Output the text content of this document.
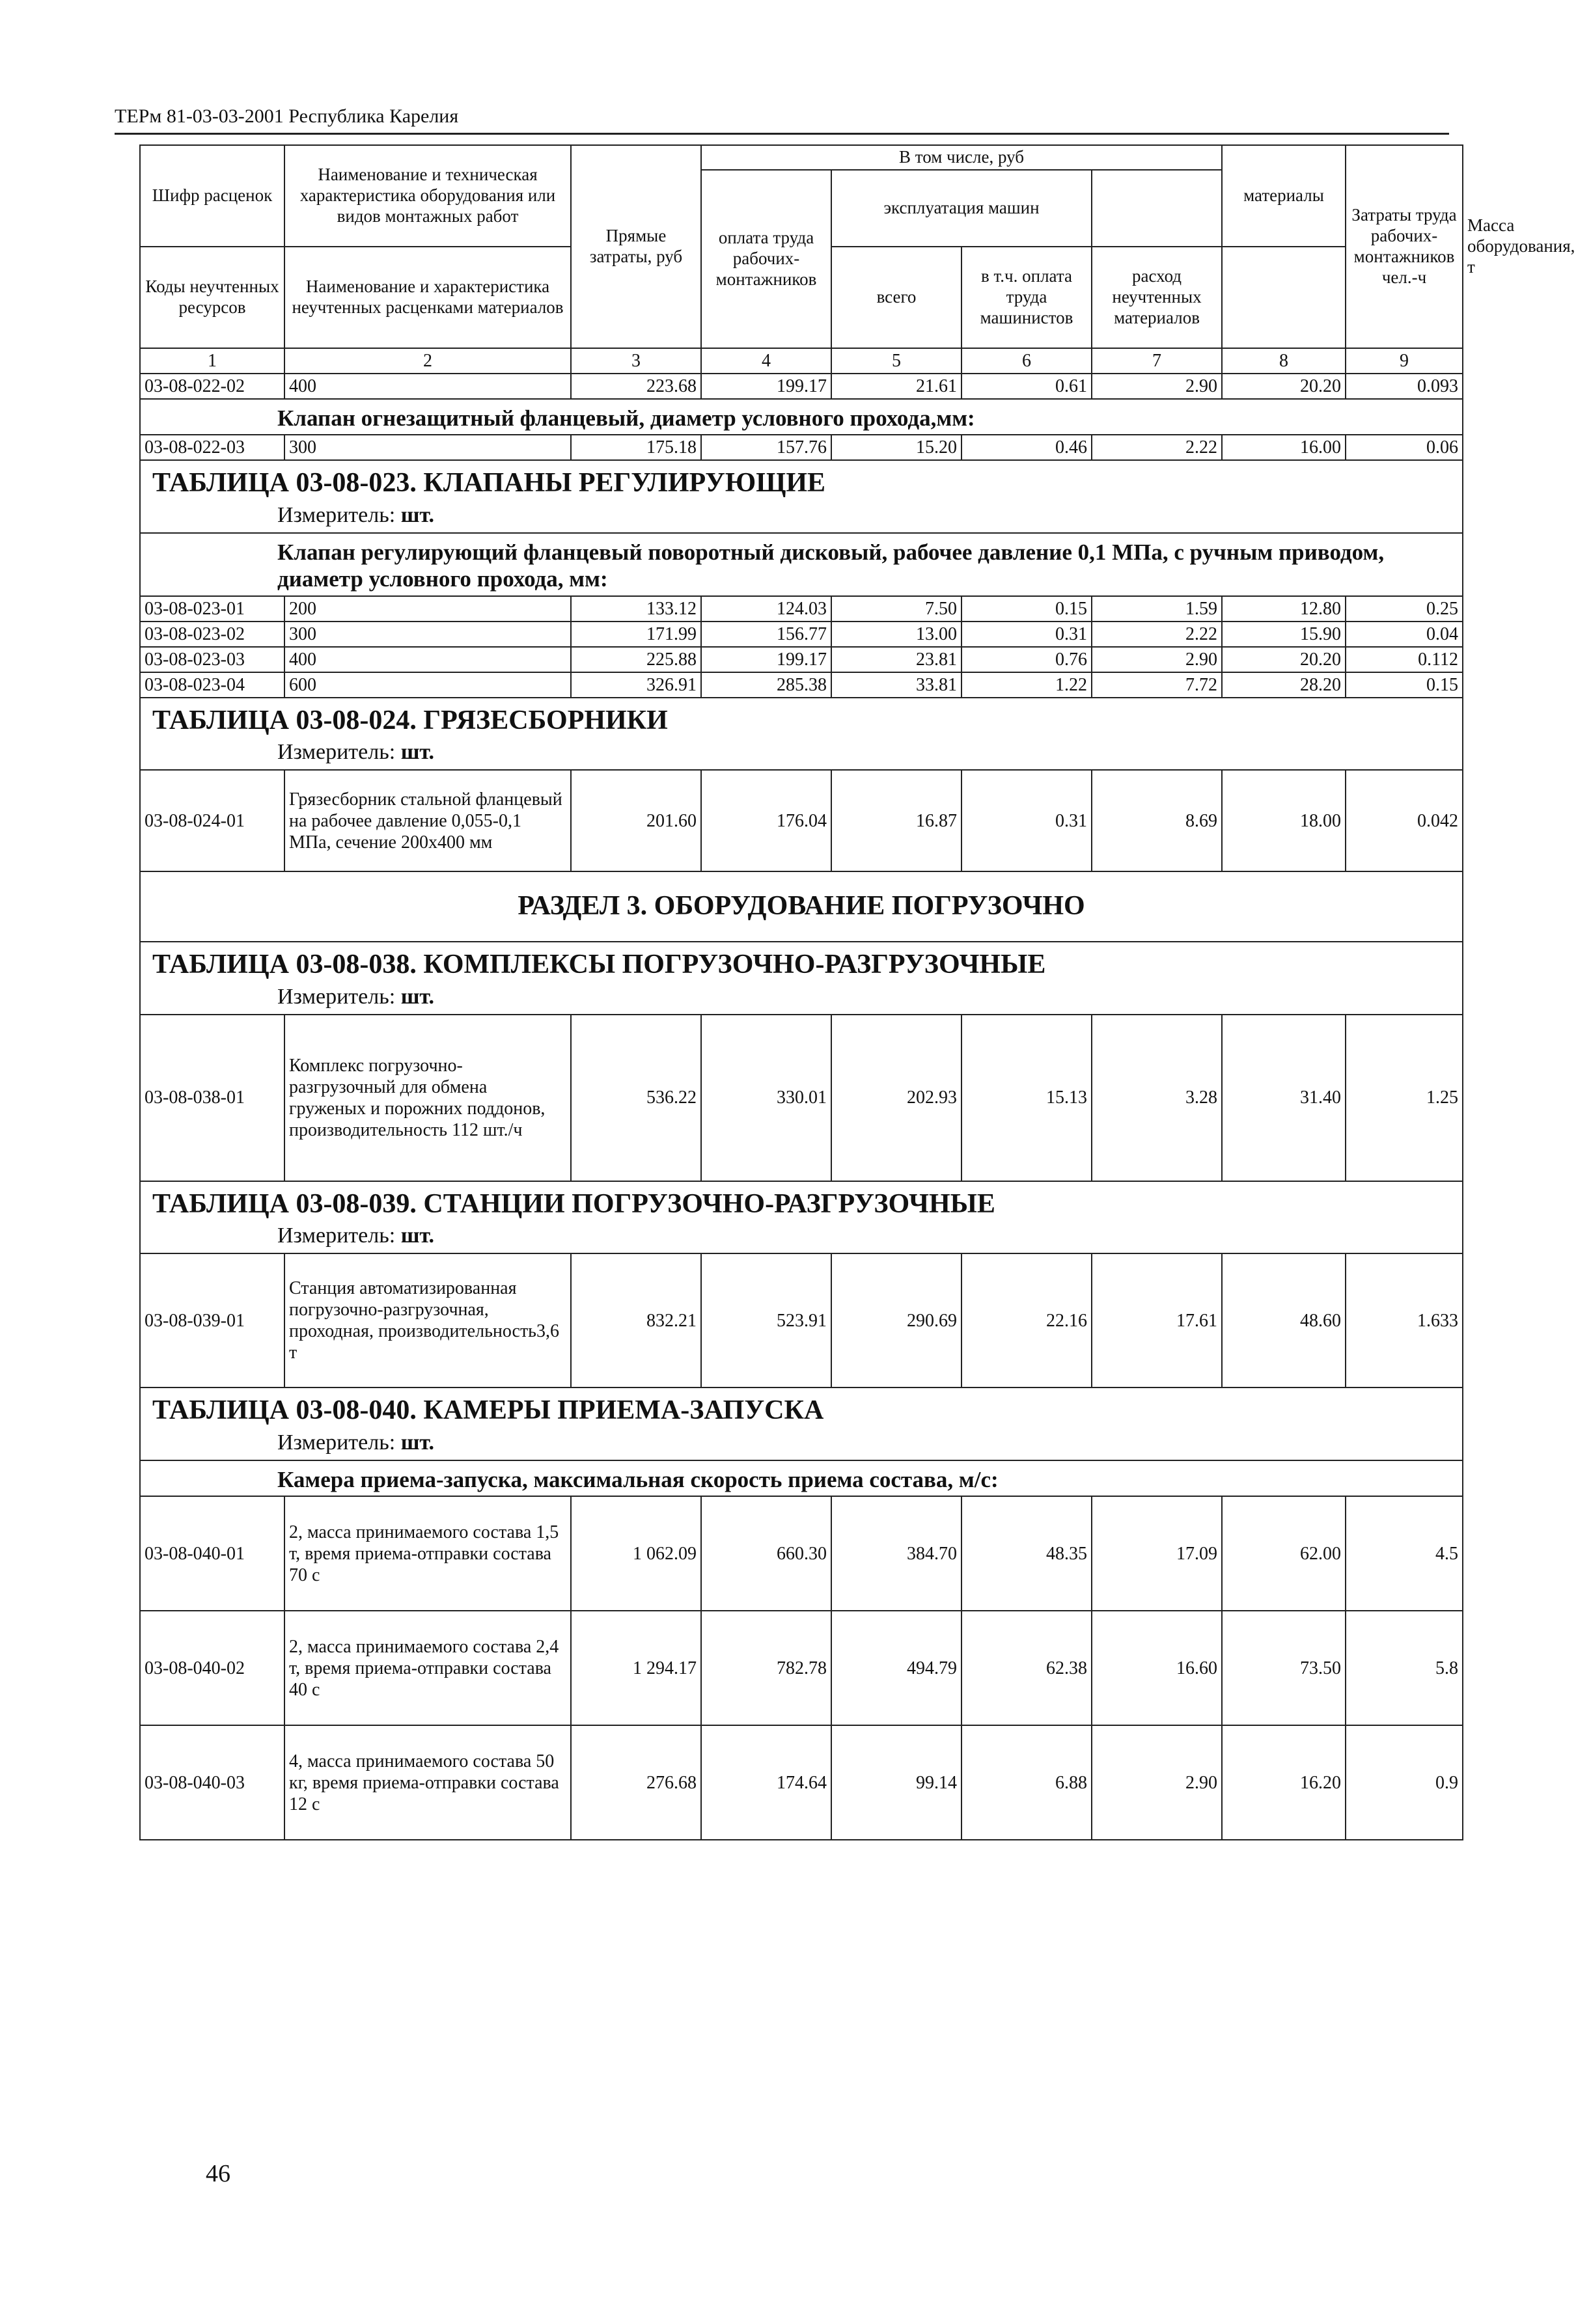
ТЕРм 81-03-03-2001 Республика Карелия
Шифр расценок	Наименование и техническая характеристика оборудования или видов монтажных работ	Прямые затраты, руб	В том числе, руб				материалы	Затраты труда рабочих-монтажников чел.-ч	Масса оборудования, т
			оплата труда рабочих-монтажников	эксплуатация машин					
Коды неучтенных ресурсов	Наименование и характеристика неучтенных расценками материалов			всего	в т.ч. оплата труда машинистов	расход неучтенных материалов			
1	2	3	4	5	6	7	8	9	
03-08-022-02	400	223.68	199.17	21.61	0.61	2.90	20.20	0.093	
Клапан огнезащитный фланцевый, диаметр условного прохода,мм:									
03-08-022-03	300	175.18	157.76	15.20	0.46	2.22	16.00	0.06	
ТАБЛИЦА 03-08-023. КЛАПАНЫ РЕГУЛИРУЮЩИЕ									
Измеритель: шт.									
Клапан регулирующий фланцевый поворотный дисковый, рабочее давление 0,1 МПа, с ручным приводом, диаметр условного прохода, мм:									
03-08-023-01	200	133.12	124.03	7.50	0.15	1.59	12.80	0.25	
03-08-023-02	300	171.99	156.77	13.00	0.31	2.22	15.90	0.04	
03-08-023-03	400	225.88	199.17	23.81	0.76	2.90	20.20	0.112	
03-08-023-04	600	326.91	285.38	33.81	1.22	7.72	28.20	0.15	
ТАБЛИЦА 03-08-024. ГРЯЗЕСБОРНИКИ									
Измеритель: шт.									
03-08-024-01	Грязесборник стальной фланцевый на рабочее давление 0,055-0,1 МПа, сечение 200х400 мм	201.60	176.04	16.87	0.31	8.69	18.00	0.042	
РАЗДЕЛ 3. ОБОРУДОВАНИЕ ПОГРУЗОЧНО									
ТАБЛИЦА 03-08-038. КОМПЛЕКСЫ ПОГРУЗОЧНО-РАЗГРУЗОЧНЫЕ									
Измеритель: шт.									
03-08-038-01	Комплекс погрузочно-разгрузочный для обмена груженых и порожних поддонов, производительность 112 шт./ч	536.22	330.01	202.93	15.13	3.28	31.40	1.25	
ТАБЛИЦА 03-08-039. СТАНЦИИ ПОГРУЗОЧНО-РАЗГРУЗОЧНЫЕ									
Измеритель: шт.									
03-08-039-01	Станция автоматизированная погрузочно-разгрузочная, проходная, производительность3,6 т	832.21	523.91	290.69	22.16	17.61	48.60	1.633	
ТАБЛИЦА 03-08-040. КАМЕРЫ ПРИЕМА-ЗАПУСКА									
Измеритель: шт.									
Камера приема-запуска, максимальная скорость приема состава, м/с:									
03-08-040-01	2, масса принимаемого состава 1,5 т, время приема-отправки состава 70 с	1 062.09	660.30	384.70	48.35	17.09	62.00	4.5	
03-08-040-02	2, масса принимаемого состава 2,4 т, время приема-отправки состава 40 с	1 294.17	782.78	494.79	62.38	16.60	73.50	5.8	
03-08-040-03	4, масса принимаемого состава 50 кг, время приема-отправки состава 12 с	276.68	174.64	99.14	6.88	2.90	16.20	0.9	
46
